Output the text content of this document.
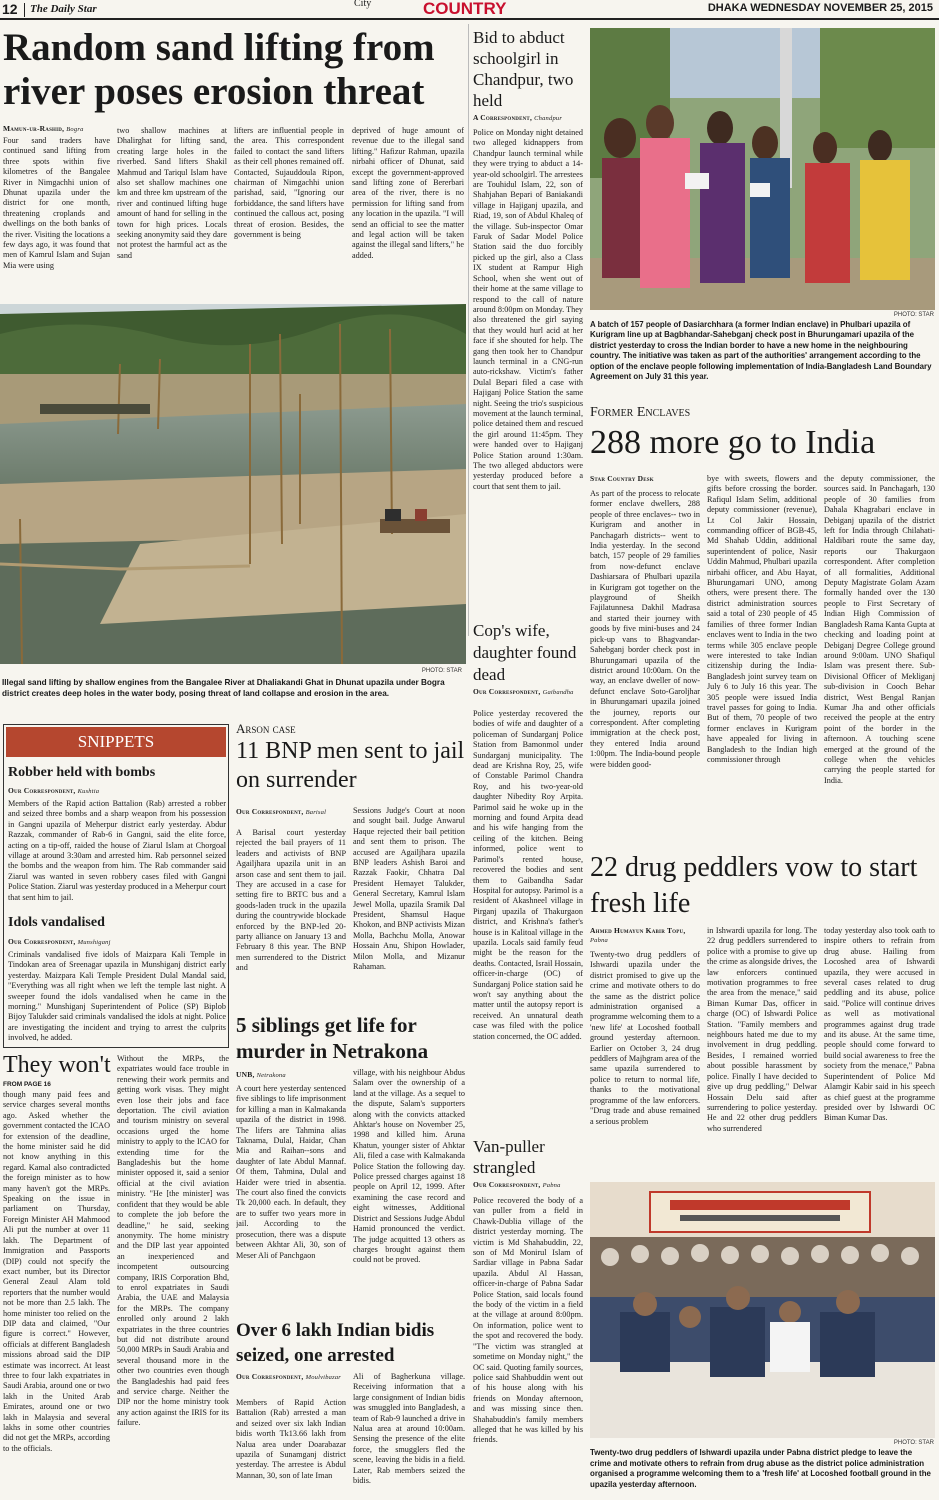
12 The Daily Star	City	COUNTRY	DHAKA WEDNESDAY NOVEMBER 25, 2015
Random sand lifting from river poses erosion threat
Mamun-ur-Rashid, Bogra
Four sand traders have continued sand lifting from three spots within five kilometres of the Bangalee River in Nimgachhi union of Dhunat upazila under the district for one month, threatening croplands and dwellings on the both banks of the river. Visiting the locations a few days ago, it was found that men of Kamrul Islam and Sujan Mia were using
two shallow machines at Dhalirghat for lifting sand, creating large holes in the riverbed. Sand lifters Shakil Mahmud and Tariqul Islam have also set shallow machines one km and three km upstream of the river and continued lifting huge amount of hand for selling in the town for high prices. Locals seeking anonymity said they dare not protest the harmful act as the sand
lifters are influential people in the area. This correspondent failed to contact the sand lifters as their cell phones remained off. Contacted, Sujauddoula Ripon, chairman of Nimgachhi union parishad, said, "Ignoring our forbiddance, the sand lifters have continued the callous act, posing threat of erosion. Besides, the government is being
deprived of huge amount of revenue due to the illegal sand lifting." Hafizur Rahman, upazila nirbahi officer of Dhunat, said except the government-approved sand lifting zone of Bererbari area of the river, there is no permission for lifting sand from any location in the upazila. "I will send an official to see the matter and legal action will be taken against the illegal sand lifters," he added.
PHOTO: STAR
Illegal sand lifting by shallow engines from the Bangalee River at Dhaliakandi Ghat in Dhunat upazila under Bogra district creates deep holes in the water body, posing threat of land collapse and erosion in the area.
Bid to abduct schoolgirl in Chandpur, two held
A Correspondent, Chandpur
Police on Monday night detained two alleged kidnappers from Chandpur launch terminal while they were trying to abduct a 14-year-old schoolgirl. The arrestees are Touhidul Islam, 22, son of Shahjahan Bepari of Baniakandi village in Hajiganj upazila, and Riad, 19, son of Abdul Khaleq of the village. Sub-inspector Omar Faruk of Sadar Model Police Station said the duo forcibly picked up the girl, also a Class IX student at Rampur High School, when she went out of their home at the same village to respond to the call of nature around 8:00pm on Monday. They also threatened the girl saying that they would hurl acid at her face if she shouted for help. The gang then took her to Chandpur launch terminal in a CNG-run auto-rickshaw. Victim's father Dulal Bepari filed a case with Hajiganj Police Station the same night. Seeing the trio's suspicious movement at the launch terminal, police detained them and rescued the girl around 11:45pm. They were handed over to Hajiganj Police Station around 1:30am. The two alleged abductors were yesterday produced before a court that sent them to jail.
PHOTO: STAR
A batch of 157 people of Dasiarchhara (a former Indian enclave) in Phulbari upazila of Kurigram line up at Bagbhandar-Sahebganj check post in Bhurungamari upazila of the district yesterday to cross the Indian border to have a new home in the neighbouring country. The initiative was taken as part of the authorities' arrangement according to the option of the enclave people following implementation of India-Bangladesh Land Boundary Agreement on July 31 this year.
Former Enclaves
288 more go to India
Star Country Desk
As part of the process to relocate former enclave dwellers, 288 people of three enclaves-- two in Kurigram and another in Panchagarh districts-- went to India yesterday. In the second batch, 157 people of 29 families from now-defunct enclave Dashiarsara of Phulbari upazila in Kurigram got together on the playground of Sheikh Fajilatunnesa Dakhil Madrasa and started their journey with goods by five mini-buses and 24 pick-up vans to Bhagvandar-Sahebganj border check post in Bhurungamari upazila of the district around 10:00am. On the way, an enclave dweller of now-defunct enclave Soto-Garoljhar in Bhurungamari upazila joined the journey, reports our correspondent. After completing immigration at the check post, they entered India around 1:00pm. The India-bound people were bidden good-
bye with sweets, flowers and gifts before crossing the border. Rafiqul Islam Selim, additional deputy commissioner (revenue), Lt Col Jakir Hossain, commanding officer of BGB-45, Md Shahab Uddin, additional superintendent of police, Nasir Uddin Mahmud, Phulbari upazila nirbahi officer, and Abu Hayat, Bhurungamari UNO, among others, were present there. The district administration sources said a total of 230 people of 45 families of three former Indian enclaves went to India in the two terms while 305 enclave people were interested to take Indian citizenship during the India-Bangladesh joint survey team on July 6 to July 16 this year. The 305 people were issued India travel passes for going to India. But of them, 70 people of two former enclaves in Kurigram have appealed for living in Bangladesh to the Indian high commissioner through
the deputy commissioner, the sources said. In Panchagarh, 130 people of 30 families from Dahala Khagrabari enclave in Debiganj upazila of the district left for India through Chilahati-Haldibari route the same day, reports our Thakurgaon correspondent. After completion of all formalities, Additional Deputy Magistrate Golam Azam formally handed over the 130 people to First Secretary of Indian High Commission of Bangladesh Rama Kanta Gupta at checking and loading point at Debiganj Degree College ground around 9:00am. UNO Shafiqul Islam was present there. Sub-Divisional Officer of Mekliganj sub-division in Cooch Behar district, West Bengal Ranjan Kumar Jha and other officials received the people at the entry point of the border in the afternoon. A touching scene emerged at the ground of the college when the vehicles carrying the people started for India.
SNIPPETS
Robber held with bombs
Our Correspondent, Kushtia
Members of the Rapid action Battalion (Rab) arrested a robber and seized three bombs and a sharp weapon from his possession in Gangni upazila of Meherpur district early yesterday. Abdur Razzak, commander of Rab-6 in Gangni, said the elite force, acting on a tip-off, raided the house of Ziarul Islam at Chorgoal village at around 3:30am and arrested him. Rab personnel seized the bombs and the weapon from him. The Rab commander said Ziarul was wanted in seven robbery cases filed with Gangni Police Station. Ziarul was yesterday produced in a Meherpur court that sent him to jail.
Idols vandalised
Our Correspondent, Munshiganj
Criminals vandalised five idols of Maizpara Kali Temple in Tindokan area of Sreenagar upazila in Munshiganj district early yesterday. Maizpara Kali Temple President Dulal Mandal said, "Everything was all right when we left the temple last night. A sweeper found the idols vandalised when he came in the morning." Munshiganj Superintendent of Police (SP) Biplob Bijoy Talukder said criminals vandalised the idols at night. Police are investigating the incident and trying to arrest the culprits involved, he added.
They won't
FROM PAGE 16
though many paid fees and service charges several months ago. Asked whether the government contacted the ICAO for extension of the deadline, the home minister said he did not know anything in this regard. Kamal also contradicted the foreign minister as to how many haven't got the MRPs. Speaking on the issue in parliament on Thursday, Foreign Minister AH Mahmood Ali put the number at over 11 lakh. The Department of Immigration and Passports (DIP) could not specify the exact number, but its Director General Zeaul Alam told reporters that the number would not be more than 2.5 lakh. The home minister too relied on the DIP data and claimed, "Our figure is correct." However, officials at different Bangladesh missions abroad said the DIP estimate was incorrect. At least three to four lakh expatriates in Saudi Arabia, around one or two lakh in the United Arab Emirates, around one or two lakh in Malaysia and several lakhs in some other countries did not get the MRPs, according to the officials.
Without the MRPs, the expatriates would face trouble in renewing their work permits and getting work visas. They might even lose their jobs and face deportation. The civil aviation and tourism ministry on several occasions urged the home ministry to apply to the ICAO for extending time for the Bangladeshis but the home minister opposed it, said a senior official at the civil aviation ministry. "He [the minister] was confident that they would be able to complete the job before the deadline," he said, seeking anonymity. The home ministry and the DIP last year appointed an inexperienced and incompetent outsourcing company, IRIS Corporation Bhd, to enrol expatriates in Saudi Arabia, the UAE and Malaysia for the MRPs. The company enrolled only around 2 lakh expatriates in the three countries but did not distribute around 50,000 MRPs in Saudi Arabia and several thousand more in the other two countries even though the Bangladeshis had paid fees and service charge. Neither the DIP nor the home ministry took any action against the IRIS for its failure.
Arson case
11 BNP men sent to jail on surrender
Our Correspondent, Barisal
A Barisal court yesterday rejected the bail prayers of 11 leaders and activists of BNP Agailjhara upazila unit in an arson case and sent them to jail. They are accused in a case for setting fire to BRTC bus and a goods-laden truck in the upazila during the countrywide blockade enforced by the BNP-led 20-party alliance on January 13 and February 8 this year. The BNP men surrendered to the District and
Sessions Judge's Court at noon and sought bail. Judge Anwarul Haque rejected their bail petition and sent them to prison. The accused are Agailjhara upazila BNP leaders Ashish Baroi and Razzak Faokir, Chhatra Dal President Hemayet Talukder, General Secretary, Kamrul Islam Jewel Molla, upazila Sramik Dal President, Shamsul Haque Khokon, and BNP activists Mizan Molla, Bachchu Molla, Anowar Hossain Anu, Shipon Howlader, Milon Molla, and Mizanur Rahaman.
5 siblings get life for murder in Netrakona
UNB, Netrakona
A court here yesterday sentenced five siblings to life imprisonment for killing a man in Kalmakanda upazila of the district in 1998. The lifers are Tahmina alias Taknama, Dulal, Haidar, Chan Mia and Raihan--sons and daughter of late Abdul Mannaf. Of them, Tahmina, Dulal and Haider were tried in absentia. The court also fined the convicts Tk 20,000 each. In default, they are to suffer two years more in jail. According to the prosecution, there was a dispute between Akhtar Ali, 30, son of Meser Ali of Panchgaon
village, with his neighbour Abdus Salam over the ownership of a land at the village. As a sequel to the dispute, Salam's supporters along with the convicts attacked Ahktar's house on November 25, 1998 and killed him. Aruna Khatun, younger sister of Ahktar Ali, filed a case with Kalmakanda Police Station the following day. Police pressed charges against 18 people on April 12, 1999. After examining the case record and eight witnesses, Additional District and Sessions Judge Abdul Hamid pronounced the verdict. The judge acquitted 13 others as charges brought against them could not be proved.
Over 6 lakh Indian bidis seized, one arrested
Our Correspondent, Moulvibazar
Members of Rapid Action Battalion (Rab) arrested a man and seized over six lakh Indian bidis worth Tk13.66 lakh from Nalua area under Doarabazar upazila of Sunamganj district yesterday. The arrestee is Abdul Mannan, 30, son of late Iman
Ali of Bagherkuna village. Receiving information that a large consignment of Indian bidis was smuggled into Bangladesh, a team of Rab-9 launched a drive in Nalua area at around 10:00am. Sensing the presence of the elite force, the smugglers fled the scene, leaving the bidis in a field. Later, Rab members seized the bidis.
Cop's wife, daughter found dead
Our Correspondent, Gaibandha
Police yesterday recovered the bodies of wife and daughter of a policeman of Sundarganj Police Station from Bamonmol under Sundarganj municipality. The dead are Krishna Roy, 25, wife of Constable Parimol Chandra Roy, and his two-year-old daughter Nibedity Roy Arpita. Parimol said he woke up in the morning and found Arpita dead and his wife hanging from the ceiling of the kitchen. Being informed, police went to Parimol's rented house, recovered the bodies and sent them to Gaibandha Sadar Hospital for autopsy. Parimol is a resident of Akashneel village in Pirganj upazila of Thakurgaon district, and Krishna's father's house is in Kalitoal village in the upazila. Locals said family feud might be the reason for the deaths. Contacted, Israil Hossain, officer-in-charge (OC) of Sundarganj Police station said he won't say anything about the matter until the autopsy report is received. An unnatural death case was filed with the police station concerned, the OC added.
Van-puller strangled
Our Correspondent, Pabna
Police recovered the body of a van puller from a field in Chawk-Dublia village of the district yesterday morning. The victim is Md Shahabuddin, 22, son of Md Monirul Islam of Sardiar village in Pabna Sadar upazila. Abdul Al Hassan, officer-in-charge of Pabna Sadar Police Station, said locals found the body of the victim in a field at the village at around 8:00pm. On information, police went to the spot and recovered the body. "The victim was strangled at sometime on Monday night," the OC said. Quoting family sources, police said Shahbuddin went out of his house along with his friends on Monday afternoon, and was missing since then. Shahabuddin's family members alleged that he was killed by his friends.
22 drug peddlers vow to start fresh life
Ahmed Humayun Kabir Topu, Pabna
Twenty-two drug peddlers of Ishwardi upazila under the district promised to give up the crime and motivate others to do the same as the district police administration organised a programme welcoming them to a 'new life' at Locoshed football ground yesterday afternoon. Earlier on October 3, 24 drug peddlers of Majhgram area of the same upazila surrendered to police to return to normal life, thanks to the motivational programme of the law enforcers. "Drug trade and abuse remained a serious problem
in Ishwardi upazila for long. The 22 drug peddlers surrendered to police with a promise to give up the crime as alongside drives, the law enforcers continued motivation programmes to free the area from the menace," said Biman Kumar Das, officer in charge (OC) of Ishwardi Police Station. "Family members and neighbours hated me due to my involvement in drug peddling. Besides, I remained worried about possible harassment by police. Finally I have decided to give up drug peddling," Delwar Hossain Delu said after surrendering to police yesterday. He and 22 other drug peddlers who surrendered
today yesterday also took oath to inspire others to refrain from drug abuse. Hailing from Locoshed area of Ishwardi upazila, they were accused in several cases related to drug peddling and its abuse, police said. "Police will continue drives as well as motivational programmes against drug trade and its abuse. At the same time, people should come forward to build social awareness to free the society from the menace," Pabna Superintendent of Police Md Alamgir Kabir said in his speech as chief guest at the programme presided over by Ishwardi OC Biman Kumar Das.
PHOTO: STAR
Twenty-two drug peddlers of Ishwardi upazila under Pabna district pledge to leave the crime and motivate others to refrain from drug abuse as the district police administration organised a programme welcoming them to a 'fresh life' at Locoshed football ground in the upazila yesterday afternoon.
